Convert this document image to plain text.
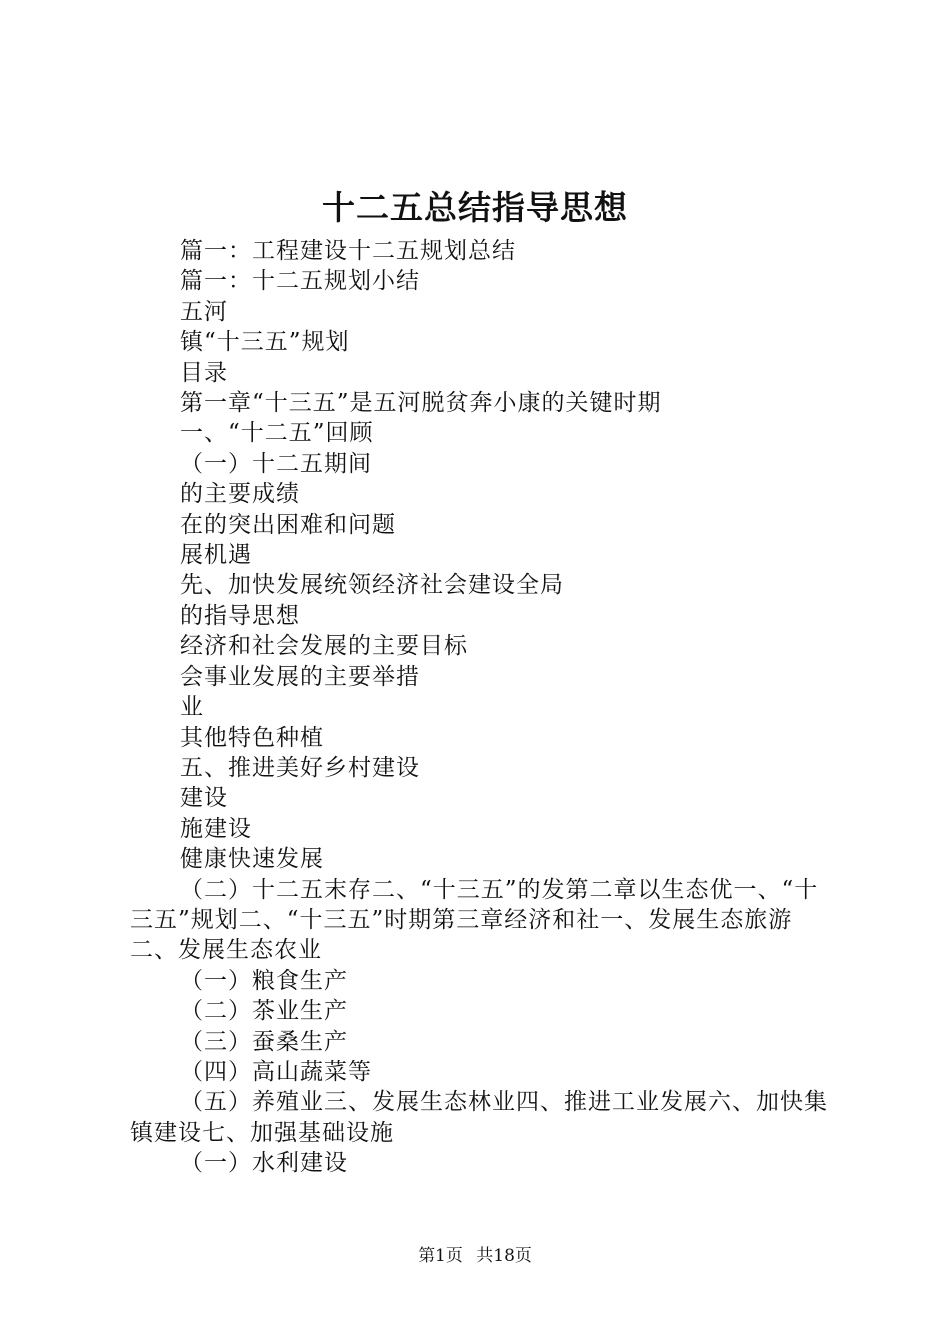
十二五总结指导思想

篇一：工程建设十二五规划总结

篇一：十二五规划小结

五河

镇“十三五”规划

目录

第一章“十三五”是五河脱贫奔小康的关键时期

一、“十二五”回顾

（一）十二五期间

的主要成绩

在的突出困难和问题

展机遇

先、加快发展统领经济社会建设全局

的指导思想

经济和社会发展的主要目标

会事业发展的主要举措

业

其他特色种植

五、推进美好乡村建设

建设

施建设

健康快速发展

（二）十二五末存二、“十三五”的发第二章以生态优一、“十三五”规划二、“十三五”时期第三章经济和社一、发展生态旅游二、发展生态农业

（一）粮食生产

（二）茶业生产

（三）蚕桑生产

（四）高山蔬菜等

（五）养殖业三、发展生态林业四、推进工业发展六、加快集镇建设七、加强基础设施

（一）水利建设

第1页 共18页
